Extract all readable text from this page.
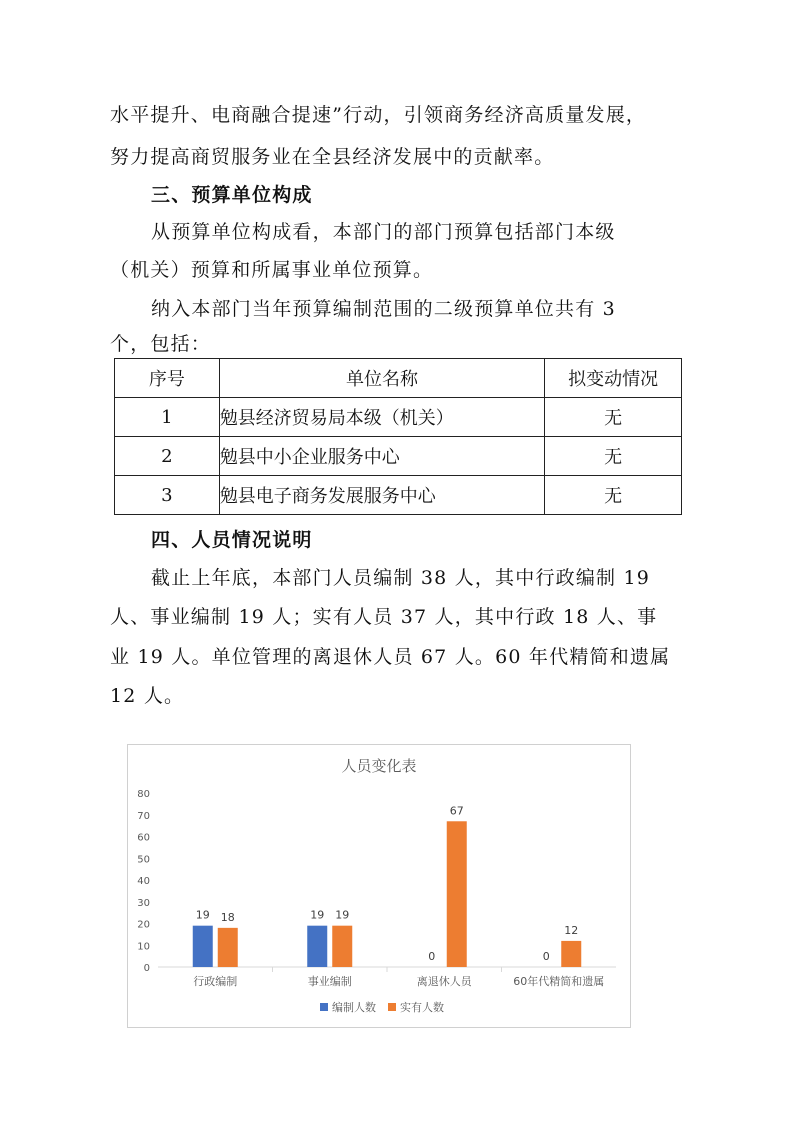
水平提升、电商融合提速”行动，引领商务经济高质量发展，
努力提高商贸服务业在全县经济发展中的贡献率。
三、预算单位构成
从预算单位构成看，本部门的部门预算包括部门本级
（机关）预算和所属事业单位预算。
纳入本部门当年预算编制范围的二级预算单位共有 3
个，包括：
序号	单位名称	拟变动情况
1	勉县经济贸易局本级（机关）	无
2	勉县中小企业服务中心	无
3	勉县电子商务发展服务中心	无
四、人员情况说明
截止上年底，本部门人员编制 38 人，其中行政编制 19
人、事业编制 19 人；实有人员 37 人，其中行政 18 人、事
业 19 人。单位管理的离退休人员 67 人。60 年代精简和遗属
12 人。
人员变化表
0
10
20
30
40
50
60
70
80
行政编制
19 18
事业编制
19 19
离退休人员
0
67
60年代精简和遗属
0
12
编制人数 实有人数
